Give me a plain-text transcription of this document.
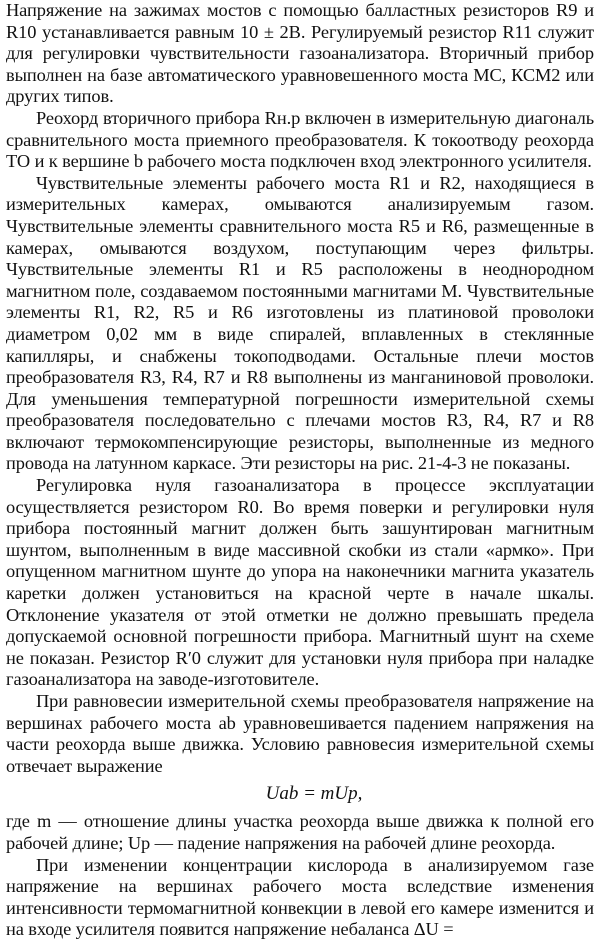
Напряжение на зажимах мостов с помощью балластных резисторов R9 и R10 устанавливается равным 10 ± 2В. Регулируемый резистор R11 служит для регулировки чувствительности газоанализатора. Вторичный прибор выполнен на базе автоматического уравновешенного моста МС, КСМ2 или других типов.

Реохорд вторичного прибора Rн.р включен в измерительную диагональ сравнительного моста приемного преобразователя. К токоотводу реохорда ТО и к вершине b рабочего моста подключен вход электронного усилителя.

Чувствительные элементы рабочего моста R1 и R2, находящиеся в измерительных камерах, омываются анализируемым газом. Чувствительные элементы сравнительного моста R5 и R6, размещенные в камерах, омываются воздухом, поступающим через фильтры. Чувствительные элементы R1 и R5 расположены в неоднородном магнитном поле, создаваемом постоянными магнитами М. Чувствительные элементы R1, R2, R5 и R6 изготовлены из платиновой проволоки диаметром 0,02 мм в виде спиралей, вплавленных в стеклянные капилляры, и снабжены токоподводами. Остальные плечи мостов преобразователя R3, R4, R7 и R8 выполнены из манганиновой проволоки. Для уменьшения температурной погрешности измерительной схемы преобразователя последовательно с плечами мостов R3, R4, R7 и R8 включают термокомпенсирующие резисторы, выполненные из медного провода на латунном каркасе. Эти резисторы на рис. 21-4-3 не показаны.

Регулировка нуля газоанализатора в процессе эксплуатации осуществляется резистором R0. Во время поверки и регулировки нуля прибора постоянный магнит должен быть зашунтирован магнитным шунтом, выполненным в виде массивной скобки из стали «армко». При опущенном магнитном шунте до упора на наконечники магнита указатель каретки должен установиться на красной черте в начале шкалы. Отклонение указателя от этой отметки не должно превышать предела допускаемой основной погрешности прибора. Магнитный шунт на схеме не показан. Резистор R′0 служит для установки нуля прибора при наладке газоанализатора на заводе-изготовителе.

При равновесии измерительной схемы преобразователя напряжение на вершинах рабочего моста ab уравновешивается падением напряжения на части реохорда выше движка. Условию равновесия измерительной схемы отвечает выражение

Uab = mUp,

где m — отношение длины участка реохорда выше движка к полной его рабочей длине; Up — падение напряжения на рабочей длине реохорда.

При изменении концентрации кислорода в анализируемом газе напряжение на вершинах рабочего моста вследствие изменения интенсивности термомагнитной конвекции в левой его камере изменится и на входе усилителя появится напряжение небаланса ΔU =
